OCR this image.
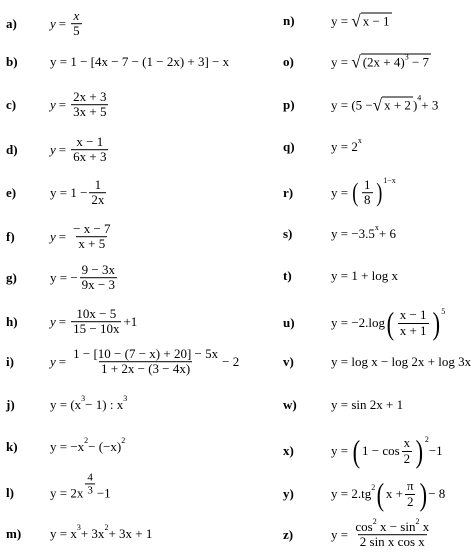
a)	$y = \frac{x}{5}$
b) y = 1 − [4x − 7 − (1 − 2x) + 3] − x
c)	$y = \frac{2x + 3}{3x + 5}$
d) $y = \frac{x - 1}{6x + 3}$
e)	$y = 1 - \frac{1}{2x}$
f)	$y = \frac{- x - 7}{x + 5}$
g)	y = − $\frac{9 - 3x}{9x - 3}$
h) $y = \frac{10x - 5}{15 - 10x} +1$
i)	$y = \frac{1 - [10 - (7 - x) + 20] - 5x}{1 + 2x - (3 - 4x)} - 2$
j)	y = (x 3 − 1) : x 3
k) y = −x 2 − (−x) 2
l)	$y = 2x \frac{4}{3} -1$
m) y = x 3 + 3x 2 + 3x + 1
n)	y =
√ x − 1
o)	y =
√ $(2x + 4)^3 - 7$
p)	y = (5 − √ x + 2 ) 4 + 3
q)	y = 2 x
r)	y =
( $\frac{1}{8}$ ) 1−x
s)	y = −3.5 x + 6
t)	y = 1 + log x
u)	y = −2.log ( $\frac{x - 1}{x + 1}$ ) 5
v)	y = log x − log 2x + log 3x
w)	y = sin 2x + 1
x)	y =
( $1 - \cos \frac{x}{2}$ ) 2
−1
y)	y = 2.tg 2 ( $x + \frac{\pi}{2}$ ) − 8
z)	y =
$\frac{\cos^2 x - \sin^2 x}{\text{2 sin x cos x}}$
